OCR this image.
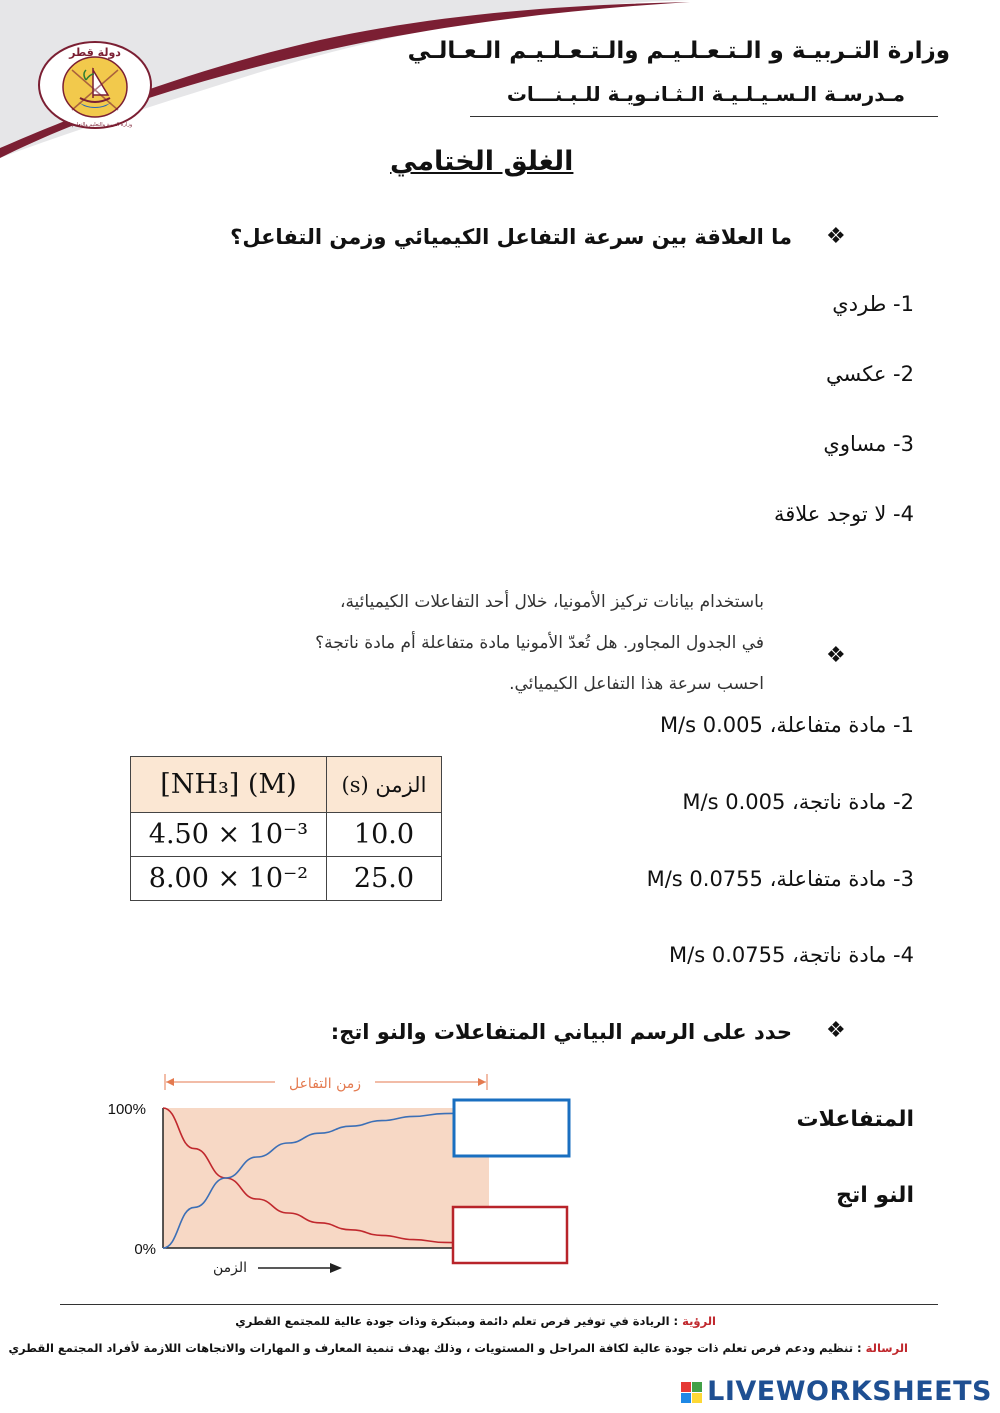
دولة قطر
وزارة التربية والتعليم والتعليم العالي
وزارة التـربيـة و الـتـعـلـيـم والـتـعـلـيـم الـعـالـي
مـدرسـة الـسـيـلـيـة الـثـانـويـة للـبـنـــات
الغلق الختامي
❖
ما العلاقة بين سرعة التفاعل الكيميائي وزمن التفاعل؟
1- طردي
2- عكسي
3- مساوي
4- لا توجد علاقة
❖
باستخدام بيانات تركيز الأمونيا، خلال أحد التفاعلات الكيميائية،
في الجدول المجاور. هل تُعدّ الأمونيا مادة متفاعلة أم مادة ناتجة؟
احسب سرعة هذا التفاعل الكيميائي.
1- مادة متفاعلة، 0.005 M/s
2- مادة ناتجة، 0.005 M/s
3- مادة متفاعلة، 0.0755 M/s
4- مادة ناتجة، 0.0755 M/s
[NH₃] (M)	الزمن (s)
4.50 × 10⁻³	10.0
8.00 × 10⁻²	25.0
❖
حدد على الرسم البياني المتفاعلات والنو اتج:
100%
0%
زمن التفاعل
الزمن
المتفاعلات
النو اتج
الرؤية : الريادة في توفير فرص تعلم دائمة ومبتكرة وذات جودة عالية للمجتمع القطري
الرسالة : تنظيم ودعم فرص تعلم ذات جودة عالية لكافة المراحل و المستويات ، وذلك بهدف تنمية المعارف و المهارات والاتجاهات اللازمة لأفراد المجتمع القطري
LIVEWORKSHEETS
